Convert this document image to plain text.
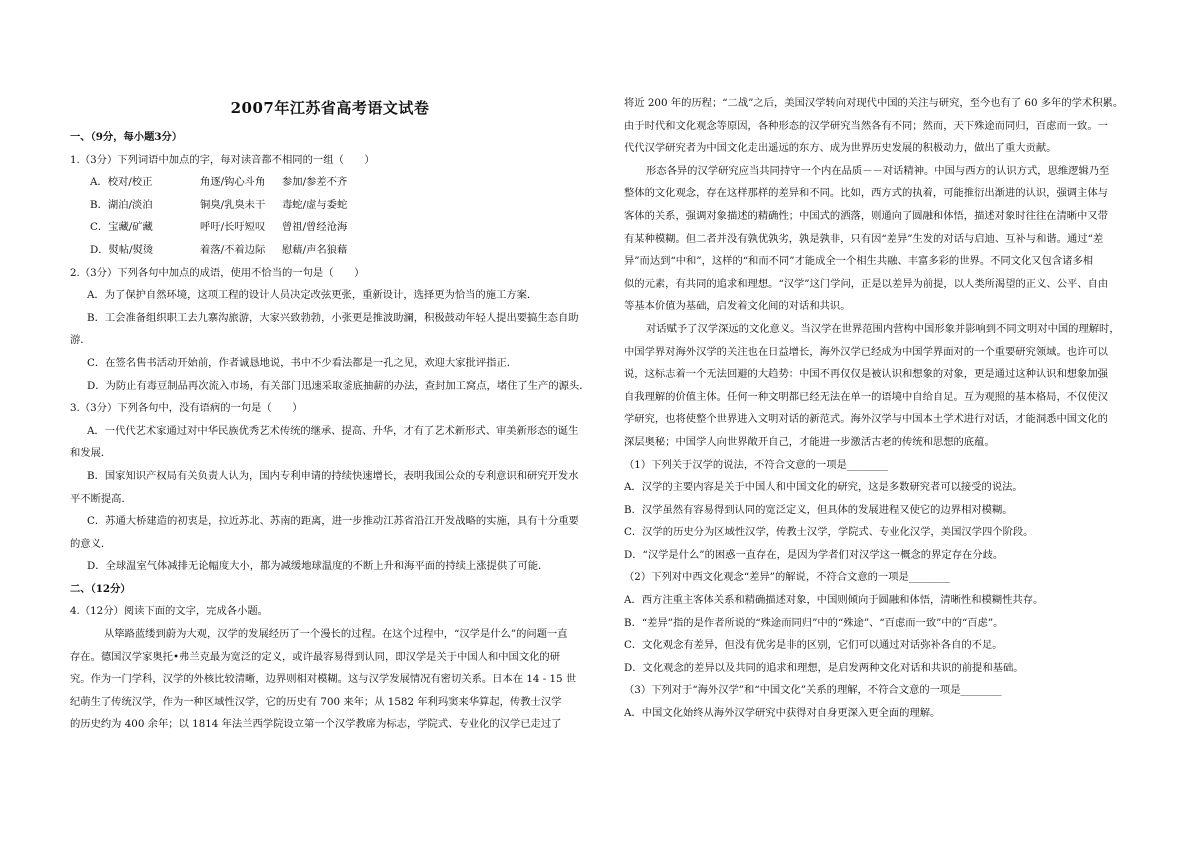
2007年江苏省高考语文试卷
一、（9分，每小题3分）
1.（3分）下列词语中加点的字，每对读音都不相同的一组（　　）
A．校对/校正	角逐/钩心斗角	参加/参差不齐
B．湖泊/淡泊	铜臭/乳臭未干	毒蛇/虚与委蛇
C．宝藏/矿藏	呼吁/长吁短叹	曾祖/曾经沧海
D．熨帖/熨烫	着落/不着边际	慰藉/声名狼藉
2.（3分）下列各句中加点的成语，使用不恰当的一句是（　　）
A．为了保护自然环境，这项工程的设计人员决定改弦更张，重新设计，选择更为恰当的施工方案．
B．工会准备组织职工去九寨沟旅游，大家兴致勃勃，小张更是推波助澜，积极鼓动年轻人提出要搞生态自助
游．
C．在签名售书活动开始前，作者诚恳地说，书中不少看法都是一孔之见，欢迎大家批评指正．
D．为防止有毒豆制品再次流入市场，有关部门迅速采取釜底抽薪的办法，查封加工窝点，堵住了生产的源头．
3.（3分）下列各句中，没有语病的一句是（　　）
A．一代代艺术家通过对中华民族优秀艺术传统的继承、提高、升华，才有了艺术新形式、审美新形态的诞生
和发展．
B．国家知识产权局有关负责人认为，国内专利申请的持续快速增长，表明我国公众的专利意识和研究开发水
平不断提高．
C．苏通大桥建造的初衷是，拉近苏北、苏南的距离，进一步推动江苏省沿江开发战略的实施，具有十分重要
的意义．
D．全球温室气体减排无论幅度大小，都为减缓地球温度的不断上升和海平面的持续上涨提供了可能．
二、（12分）
4.（12分）阅读下面的文字，完成各小题。
从筚路蓝缕到蔚为大观，汉学的发展经历了一个漫长的过程。在这个过程中，“汉学是什么”的问题一直
存在。德国汉学家奥托•弗兰克最为宽泛的定义，或许最容易得到认同，即汉学是关于中国人和中国文化的研
究。作为一门学科，汉学的外核比较清晰，边界则相对模糊。这与汉学发展情况有密切关系。日本在 14 - 15 世
纪萌生了传统汉学，作为一种区域性汉学，它的历史有 700 来年；从 1582 年利玛窦来华算起，传教士汉学
的历史约为 400 余年；以 1814 年法兰西学院设立第一个汉学教席为标志，学院式、专业化的汉学已走过了
将近 200 年的历程；“二战”之后，美国汉学转向对现代中国的关注与研究，至今也有了 60 多年的学术积累。
由于时代和文化观念等原因，各种形态的汉学研究当然各有不同；然而，天下殊途而同归，百虑而一致。一
代代汉学研究者为中国文化走出遥远的东方、成为世界历史发展的积极动力，做出了重大贡献。
形态各异的汉学研究应当共同持守一个内在品质－－对话精神。中国与西方的认识方式，思维逻辑乃至
整体的文化观念，存在这样那样的差异和不同。比如，西方式的执着，可能推衍出渐进的认识，强调主体与
客体的关系，强调对象描述的精确性；中国式的洒落，则通向了圆融和体悟，描述对象时往往在清晰中又带
有某种模糊。但二者并没有孰优孰劣，孰是孰非，只有因“差异”生发的对话与启迪、互补与和谐。通过“差
异”而达到“中和”，这样的“和而不同”才能成全一个相生共融、丰富多彩的世界。不同文化又包含诸多相
似的元素，有共同的追求和理想。“汉学”这门学问，正是以差异为前提，以人类所渴望的正义、公平、自由
等基本价值为基础，启发着文化间的对话和共识。
对话赋予了汉学深远的文化意义。当汉学在世界范围内营构中国形象并影响到不同文明对中国的理解时，
中国学界对海外汉学的关注也在日益增长，海外汉学已经成为中国学界面对的一个重要研究领域。也许可以
说，这标志着一个无法回避的大趋势：中国不再仅仅是被认识和想象的对象，更是通过这种认识和想象加强
自我理解的价值主体。任何一种文明都已经无法在单一的语境中自给自足。互为观照的基本格局，不仅使汉
学研究，也将使整个世界进入文明对话的新范式。海外汉学与中国本土学术进行对话，才能洞悉中国文化的
深层奥秘；中国学人向世界敞开自己，才能进一步激活古老的传统和思想的底蕴。
（1）下列关于汉学的说法，不符合文意的一项是________
A．汉学的主要内容是关于中国人和中国文化的研究，这是多数研究者可以接受的说法。
B．汉学虽然有容易得到认同的宽泛定义，但具体的发展进程又使它的边界相对模糊。
C．汉学的历史分为区域性汉学，传教士汉学，学院式、专业化汉学，美国汉学四个阶段。
D．“汉学是什么”的困惑一直存在，是因为学者们对汉学这一概念的界定存在分歧。
（2）下列对中西文化观念“差异”的解说，不符合文意的一项是________
A．西方注重主客体关系和精确描述对象，中国则倾向于圆融和体悟，清晰性和模糊性共存。
B．“差异”指的是作者所说的“殊途而同归”中的“殊途”、“百虑而一致”中的“百虑”。
C．文化观念有差异，但没有优劣是非的区别，它们可以通过对话弥补各自的不足。
D．文化观念的差异以及共同的追求和理想，是启发两种文化对话和共识的前提和基础。
（3）下列对于“海外汉学”和“中国文化”关系的理解，不符合文意的一项是________
A．中国文化始终从海外汉学研究中获得对自身更深入更全面的理解。
